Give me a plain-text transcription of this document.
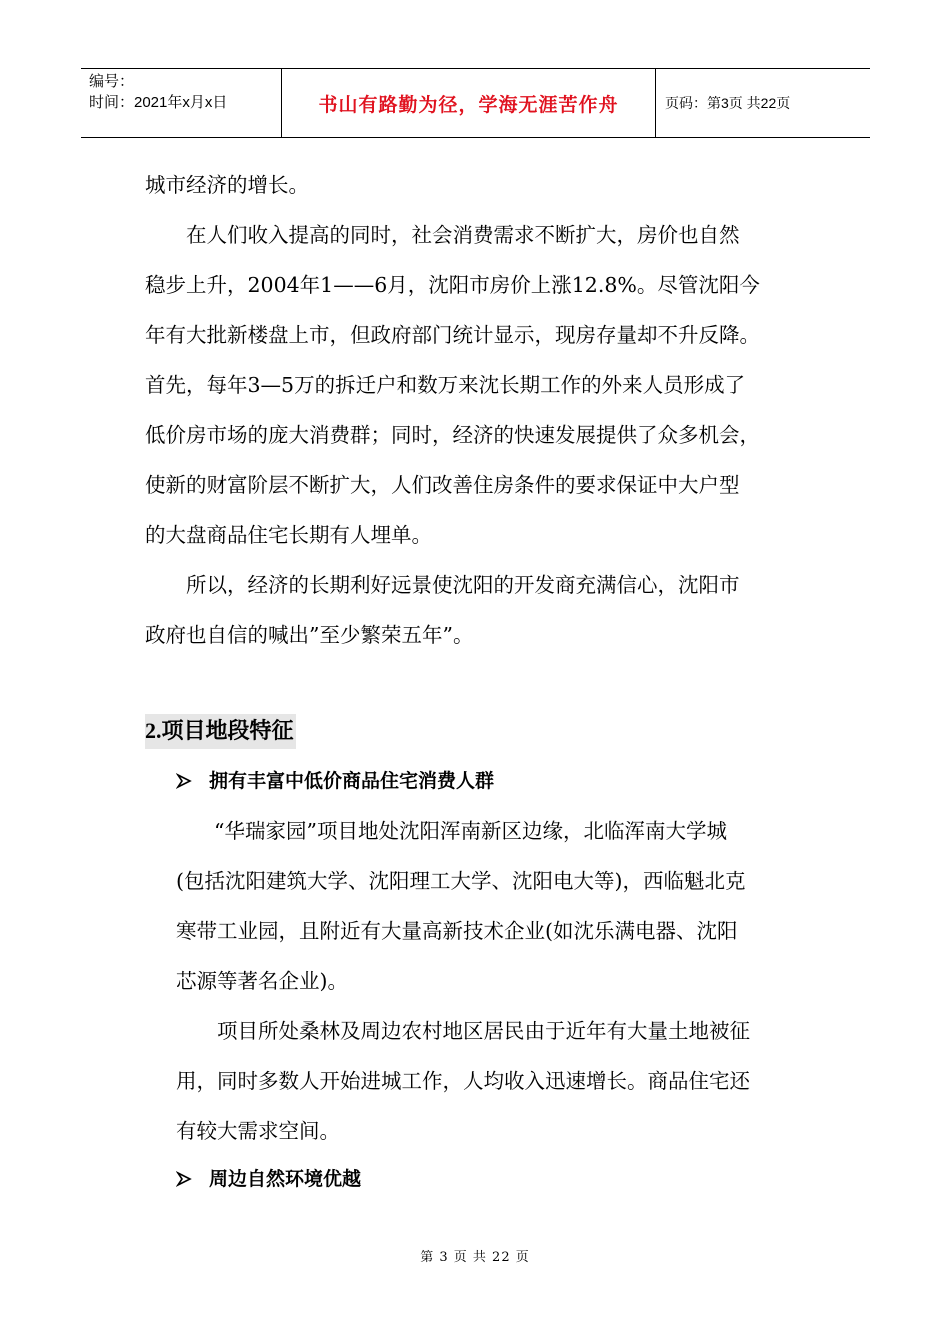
编号：
时间：2021年x月x日	书山有路勤为径，学海无涯苦作舟	页码：第3页 共22页
城市经济的增长。
在人们收入提高的同时，社会消费需求不断扩大，房价也自然
稳步上升，2004年1——6月，沈阳市房价上涨12.8%。尽管沈阳今
年有大批新楼盘上市，但政府部门统计显示，现房存量却不升反降。
首先，每年3—5万的拆迁户和数万来沈长期工作的外来人员形成了
低价房市场的庞大消费群；同时，经济的快速发展提供了众多机会，
使新的财富阶层不断扩大，人们改善住房条件的要求保证中大户型
的大盘商品住宅长期有人埋单。
所以，经济的长期利好远景使沈阳的开发商充满信心，沈阳市
政府也自信的喊出”至少繁荣五年”。
2.项目地段特征
拥有丰富中低价商品住宅消费人群
“华瑞家园”项目地处沈阳浑南新区边缘，北临浑南大学城
(包括沈阳建筑大学、沈阳理工大学、沈阳电大等)，西临魁北克
寒带工业园，且附近有大量高新技术企业(如沈乐满电器、沈阳
芯源等著名企业)。
项目所处桑林及周边农村地区居民由于近年有大量土地被征
用，同时多数人开始进城工作，人均收入迅速增长。商品住宅还
有较大需求空间。
周边自然环境优越
第 3 页 共 22 页
